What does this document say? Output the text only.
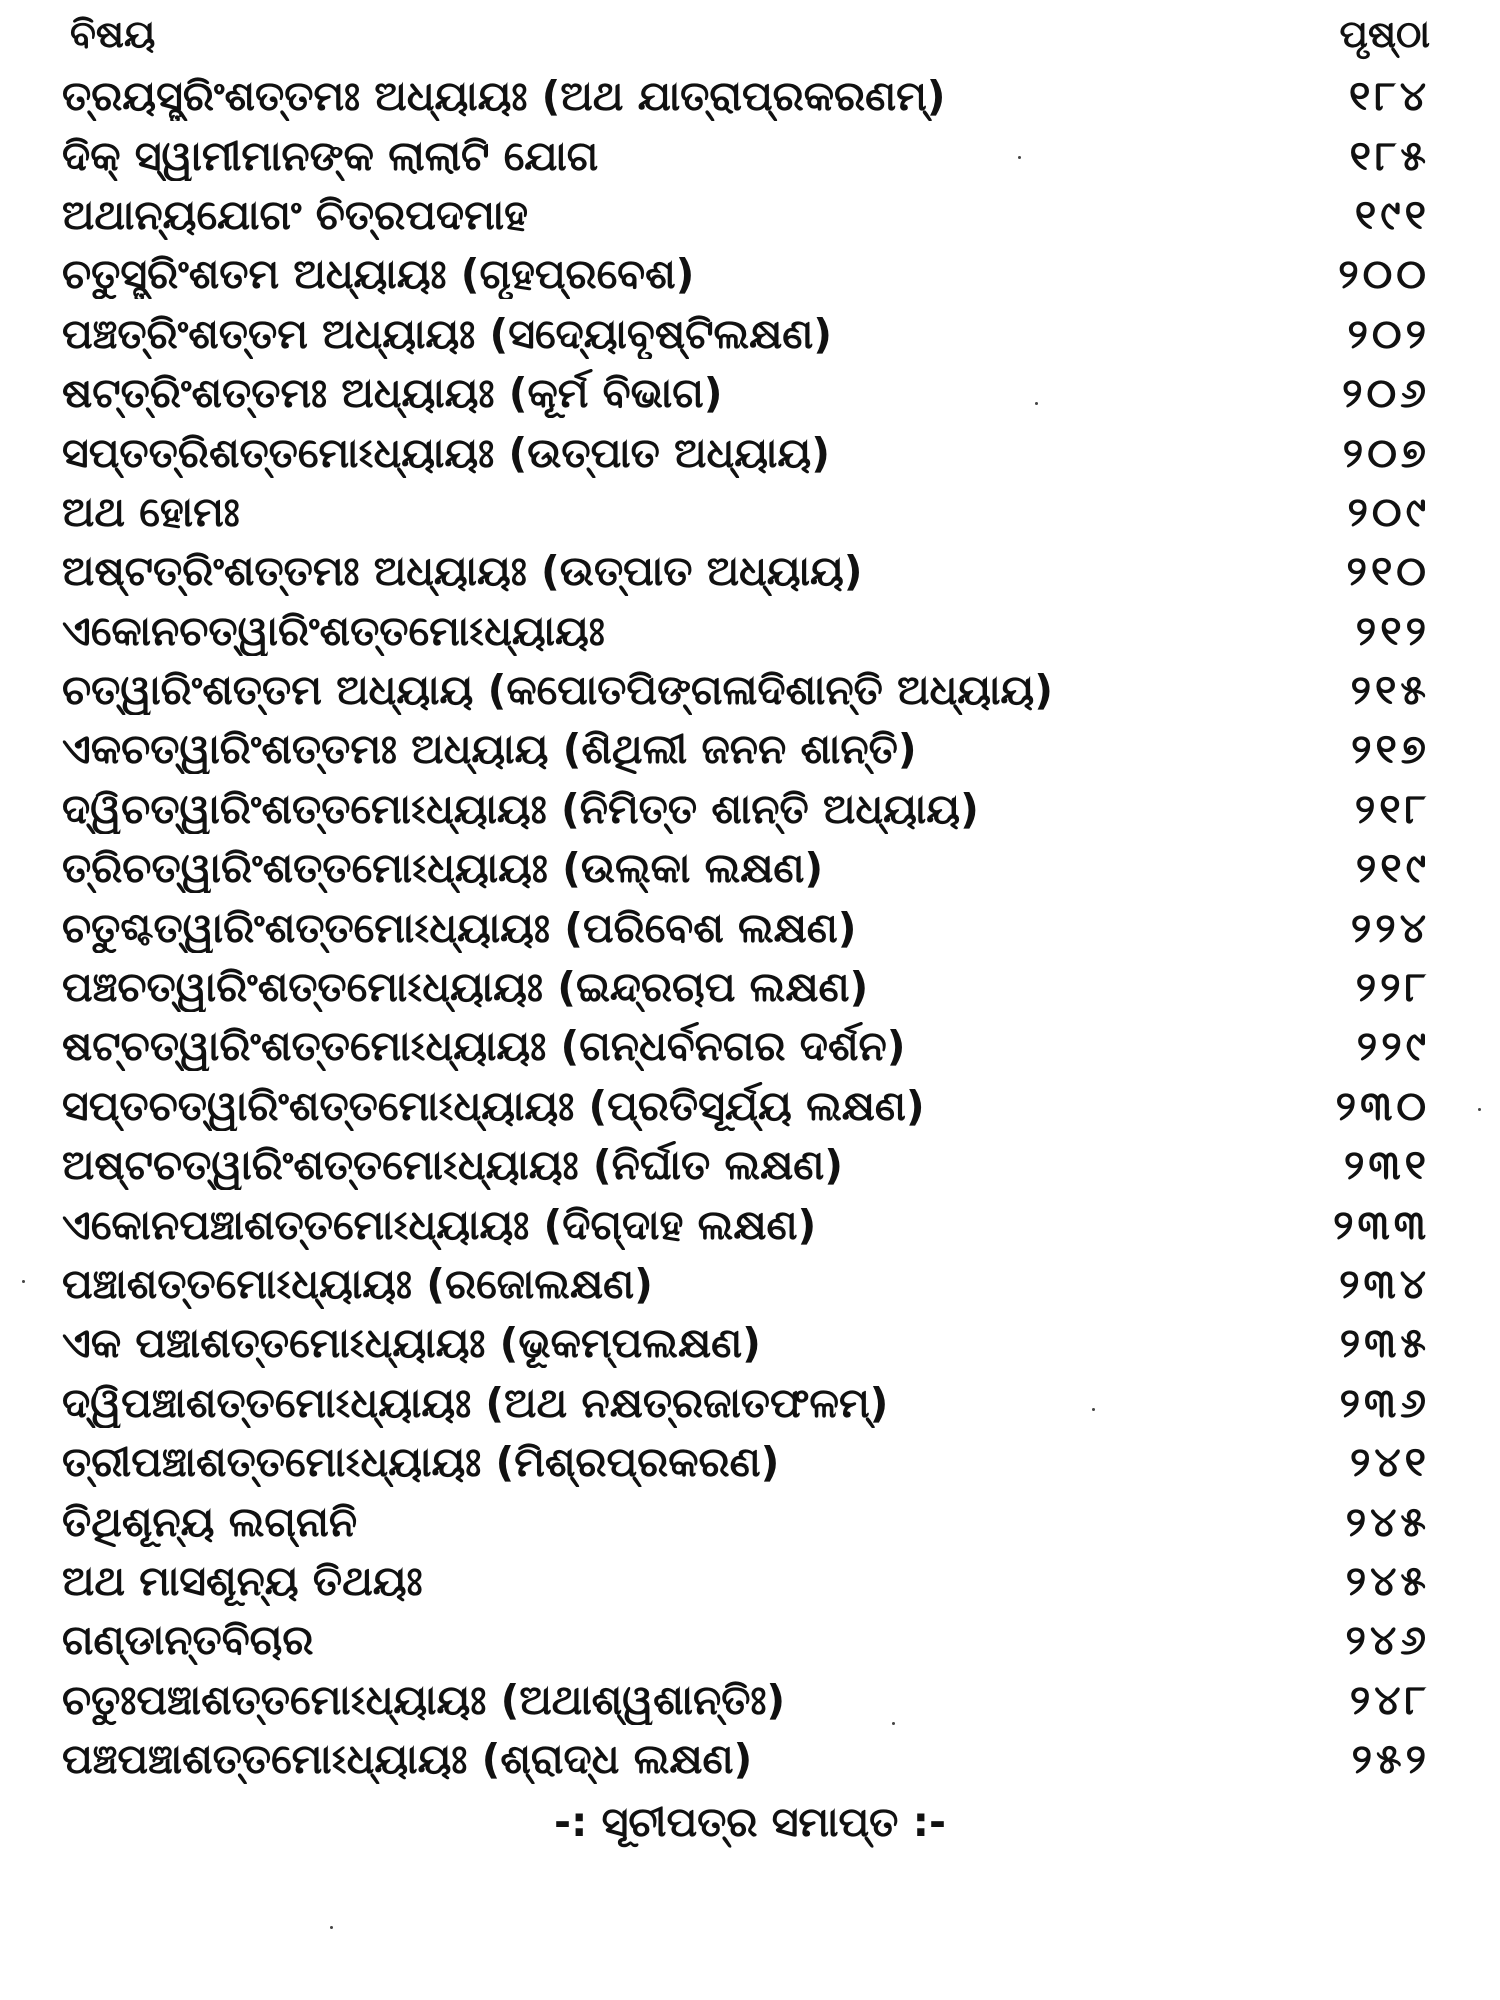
ବିଷୟ	ପୃଷ୍ଠା
ତ୍ରୟସ୍ତ୍ରିଂଶତ୍ତମଃ ଅଧ୍ୟାୟଃ (ଅଥ ଯାତ୍ରାପ୍ରକରଣମ୍)	୧୮୪
ଦିକ୍ ସ୍ୱାମୀମାନଙ୍କ ଲାଲାଟି ଯୋଗ	୧୮୫
ଅଥାନ୍ୟଯୋଗଂ ଚିତ୍ରପଦମାହ	୧୯୧
ଚତୁସ୍ତ୍ରିଂଶତମ ଅଧ୍ୟାୟଃ (ଗୃହପ୍ରବେଶ)	୨୦୦
ପଞ୍ଚତ୍ରିଂଶତ୍ତମ ଅଧ୍ୟାୟଃ (ସଦ୍ୟୋବୃଷ୍ଟିଲକ୍ଷଣ)	୨୦୨
ଷଟ୍‌ତ୍ରିଂଶତ୍ତମଃ ଅଧ୍ୟାୟଃ (କୂର୍ମ ବିଭାଗ)	୨୦୬
ସପ୍ତତ୍ରିଶତ୍ତମୋଽଧ୍ୟାୟଃ (ଉତ୍ପାତ ଅଧ୍ୟାୟ)	୨୦୭
ଅଥ ହୋମଃ	୨୦୯
ଅଷ୍ଟତ୍ରିଂଶତ୍ତମଃ ଅଧ୍ୟାୟଃ (ଉତ୍ପାତ ଅଧ୍ୟାୟ)	୨୧୦
ଏକୋନଚତ୍ୱାରିଂଶତ୍ତମୋଽଧ୍ୟାୟଃ	୨୧୨
ଚତ୍ୱାରିଂଶତ୍ତମ ଅଧ୍ୟାୟ (କପୋତପିଙ୍ଗଳାଦିଶାନ୍ତି ଅଧ୍ୟାୟ)	୨୧୫
ଏକଚତ୍ୱାରିଂଶତ୍ତମଃ ଅଧ୍ୟାୟ (ଶିଥିଲୀ ଜନନ ଶାନ୍ତି)	୨୧୭
ଦ୍ୱିଚତ୍ୱାରିଂଶତ୍ତମୋଽଧ୍ୟାୟଃ (ନିମିତ୍ତ ଶାନ୍ତି ଅଧ୍ୟାୟ)	୨୧୮
ତ୍ରିଚତ୍ୱାରିଂଶତ୍ତମୋଽଧ୍ୟାୟଃ (ଉଲ୍‌କା ଲକ୍ଷଣ)	୨୧୯
ଚତୁଶ୍ଚତ୍ୱାରିଂଶତ୍ତମୋଽଧ୍ୟାୟଃ (ପରିବେଶ ଲକ୍ଷଣ)	୨୨୪
ପଞ୍ଚଚତ୍ୱାରିଂଶତ୍ତମୋଽଧ୍ୟାୟଃ (ଇନ୍ଦ୍ରଚାପ ଲକ୍ଷଣ)	୨୨୮
ଷଟ୍‌ଚତ୍ୱାରିଂଶତ୍ତମୋଽଧ୍ୟାୟଃ (ଗନ୍ଧର୍ବନଗର ଦର୍ଶନ)	୨୨୯
ସପ୍ତଚତ୍ୱାରିଂଶତ୍ତମୋଽଧ୍ୟାୟଃ (ପ୍ରତିସୂର୍ଯ୍ୟ ଲକ୍ଷଣ)	୨୩୦
ଅଷ୍ଟଚତ୍ୱାରିଂଶତ୍ତମୋଽଧ୍ୟାୟଃ (ନିର୍ଘାତ ଲକ୍ଷଣ)	୨୩୧
ଏକୋନପଞ୍ଚାଶତ୍ତମୋଽଧ୍ୟାୟଃ (ଦିଗ୍‌ଦାହ ଲକ୍ଷଣ)	୨୩୩
ପଞ୍ଚାଶତ୍ତମୋଽଧ୍ୟାୟଃ (ରଜୋଲକ୍ଷଣ)	୨୩୪
ଏକ ପଞ୍ଚାଶତ୍ତମୋଽଧ୍ୟାୟଃ (ଭୂକମ୍ପଲକ୍ଷଣ)	୨୩୫
ଦ୍ୱିପଞ୍ଚାଶତ୍ତମୋଽଧ୍ୟାୟଃ (ଅଥ ନକ୍ଷତ୍ରଜାତଫଳମ୍)	୨୩୬
ତ୍ରୀପଞ୍ଚାଶତ୍ତମୋଽଧ୍ୟାୟଃ (ମିଶ୍ରପ୍ରକରଣ)	୨୪୧
ତିଥିଶୂନ୍ୟ ଲଗ୍ନାନି	୨୪୫
ଅଥ ମାସଶୂନ୍ୟ ତିଥୟଃ	୨୪୫
ଗଣ୍ଡାନ୍ତବିଚାର	୨୪୬
ଚତୁଃପଞ୍ଚାଶତ୍ତମୋଽଧ୍ୟାୟଃ (ଅଥାଶ୍ୱଶାନ୍ତିଃ)	୨୪୮
ପଞ୍ଚପଞ୍ଚାଶତ୍ତମୋଽଧ୍ୟାୟଃ (ଶ୍ରାଦ୍ଧ ଲକ୍ଷଣ)	୨୫୨
-: ସୂଚୀପତ୍ର ସମାପ୍ତ :-
